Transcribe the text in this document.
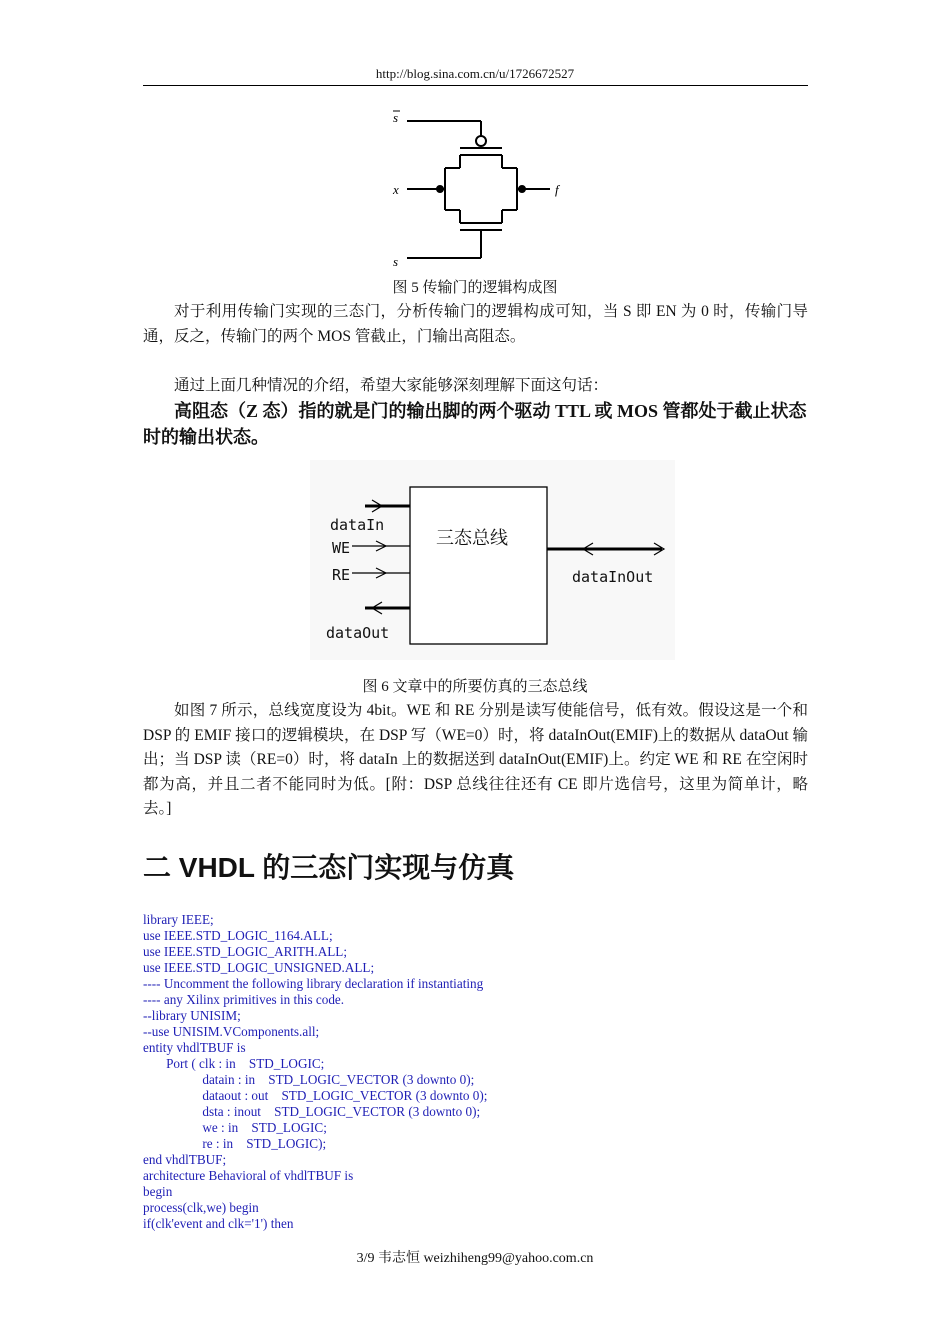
http://blog.sina.com.cn/u/1726672527
s
x	f
s
图 5 传输门的逻辑构成图
对于利用传输门实现的三态门，分析传输门的逻辑构成可知，当 S 即 EN 为 0 时，传输门导通，反之，传输门的两个 MOS 管截止，门输出高阻态。
通过上面几种情况的介绍，希望大家能够深刻理解下面这句话：
高阻态（Z 态）指的就是门的输出脚的两个驱动 TTL 或 MOS 管都处于截止状态时的输出状态。
dataIn
WE
RE
dataOut
dataInOut
三态总线
图 6 文章中的所要仿真的三态总线
如图 7 所示，总线宽度设为 4bit。WE 和 RE 分别是读写使能信号，低有效。假设这是一个和 DSP 的 EMIF 接口的逻辑模块，在 DSP 写（WE=0）时，将 dataInOut(EMIF)上的数据从 dataOut 输出；当 DSP 读（RE=0）时，将 dataIn 上的数据送到 dataInOut(EMIF)上。约定 WE 和 RE 在空闲时都为高，并且二者不能同时为低。[附：DSP 总线往往还有 CE 即片选信号，这里为简单计，略去。]
二 VHDL 的三态门实现与仿真
library IEEE;
use IEEE.STD_LOGIC_1164.ALL;
use IEEE.STD_LOGIC_ARITH.ALL;
use IEEE.STD_LOGIC_UNSIGNED.ALL;
---- Uncomment the following library declaration if instantiating
---- any Xilinx primitives in this code.
--library UNISIM;
--use UNISIM.VComponents.all;
entity vhdlTBUF is
Port ( clk : in    STD_LOGIC;
datain : in    STD_LOGIC_VECTOR (3 downto 0);
dataout : out    STD_LOGIC_VECTOR (3 downto 0);
dsta : inout    STD_LOGIC_VECTOR (3 downto 0);
we : in    STD_LOGIC;
re : in    STD_LOGIC);
end vhdlTBUF;
architecture Behavioral of vhdlTBUF is
begin
process(clk,we) begin
if(clk'event and clk='1') then
3/9 韦志恒 weizhiheng99@yahoo.com.cn
